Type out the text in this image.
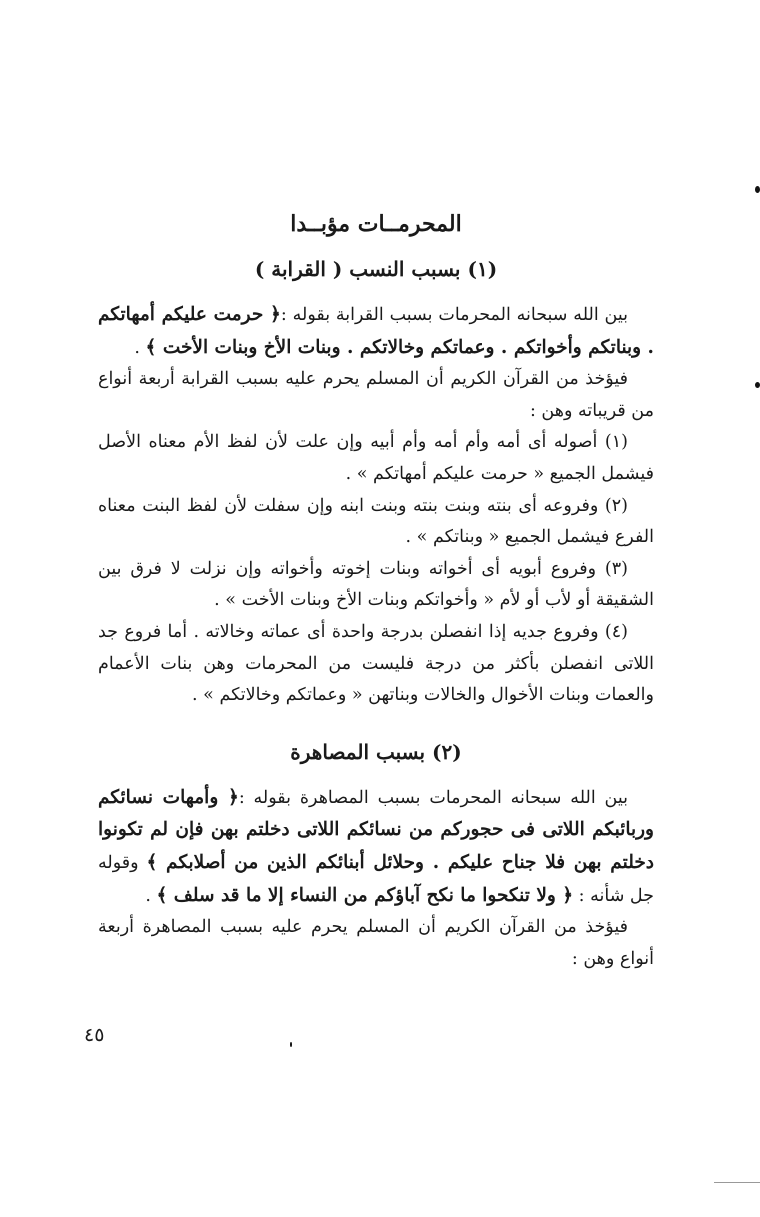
المحرمــات مؤبــدا
(١) بسبب النسب ( القرابة )

بين الله سبحانه المحرمات بسبب القرابة بقوله :﴿ حرمت عليكم أمهاتكم . وبناتكم وأخواتكم . وعماتكم وخالاتكم . وبنات الأخ وبنات الأخت ﴾ .

فيؤخذ من القرآن الكريم أن المسلم يحرم عليه بسبب القرابة أربعة أنواع من قريباته وهن :

(١) أصوله أى أمه وأم أمه وأم أبيه وإن علت لأن لفظ الأم معناه الأصل فيشمل الجميع « حرمت عليكم أمهاتكم » .

(٢) وفروعه أى بنته وبنت بنته وبنت ابنه وإن سفلت لأن لفظ البنت معناه الفرع فيشمل الجميع « وبناتكم » .

(٣) وفروع أبويه أى أخواته وبنات إخوته وأخواته وإن نزلت لا فرق بين الشقيقة أو لأب أو لأم « وأخواتكم وبنات الأخ وبنات الأخت » .

(٤) وفروع جديه إذا انفصلن بدرجة واحدة أى عماته وخالاته . أما فروع جد اللاتى انفصلن بأكثر من درجة فليست من المحرمات وهن بنات الأعمام والعمات وبنات الأخوال والخالات وبناتهن « وعماتكم وخالاتكم » .

(٢) بسبب المصاهرة

بين الله سبحانه المحرمات بسبب المصاهرة بقوله :﴿ وأمهات نسائكم وربائبكم اللاتى فى حجوركم من نسائكم اللاتى دخلتم بهن فإن لم تكونوا دخلتم بهن فلا جناح عليكم . وحلائل أبنائكم الذين من أصلابكم ﴾ وقوله جل شأنه : ﴿ ولا تنكحوا ما نكح آباؤكم من النساء إلا ما قد سلف ﴾ .

فيؤخذ من القرآن الكريم أن المسلم يحرم عليه بسبب المصاهرة أربعة أنواع وهن :

٤٥
